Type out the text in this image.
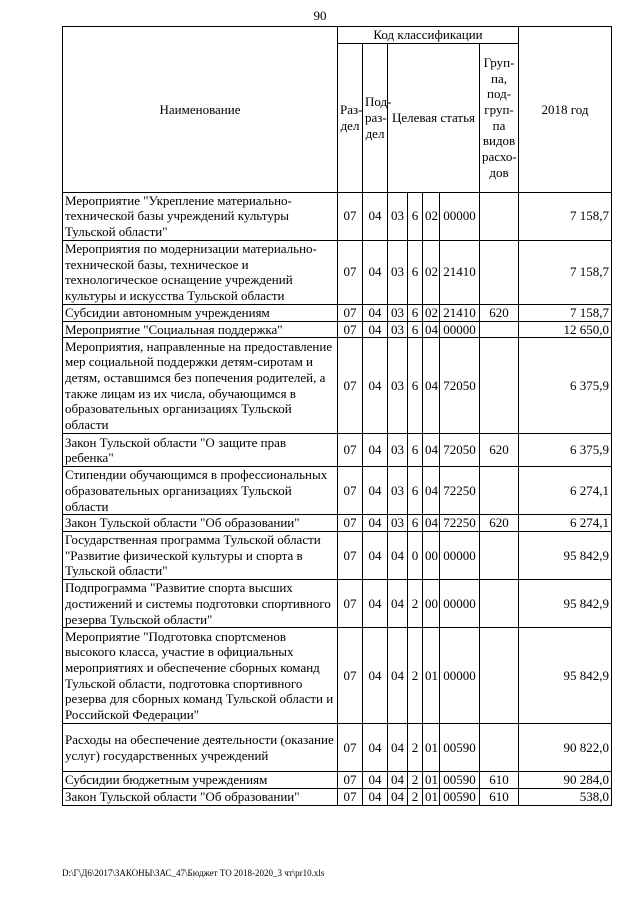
90
Наименование	Код классификации							2018 год
	Раз-дел	Под-раз-дел	Целевая статья				Груп-па, под-груп-па видов расхо-дов	
Мероприятие "Укрепление материально-технической базы учреждений культуры Тульской области"	07	04	03	6	02	00000		7 158,7
Мероприятия по модернизации материально-технической базы, техническое и технологическое оснащение учреждений культуры и искусства Тульской области	07	04	03	6	02	21410		7 158,7
Субсидии автономным учреждениям	07	04	03	6	02	21410	620	7 158,7
Мероприятие "Социальная поддержка"	07	04	03	6	04	00000		12 650,0
Мероприятия, направленные на предоставление мер социальной поддержки детям-сиротам и детям, оставшимся без попечения родителей, а также лицам из их числа, обучающимся в образовательных организациях Тульской области	07	04	03	6	04	72050		6 375,9
Закон Тульской области "О защите прав ребенка"	07	04	03	6	04	72050	620	6 375,9
Стипендии обучающимся в профессиональных образовательных организациях Тульской области	07	04	03	6	04	72250		6 274,1
Закон Тульской области "Об образовании"	07	04	03	6	04	72250	620	6 274,1
Государственная программа Тульской области "Развитие физической культуры и спорта в Тульской области"	07	04	04	0	00	00000		95 842,9
Подпрограмма "Развитие спорта высших достижений и системы подготовки спортивного резерва Тульской области"	07	04	04	2	00	00000		95 842,9
Мероприятие "Подготовка спортсменов высокого класса, участие в официальных мероприятиях и обеспечение сборных команд Тульской области, подготовка спортивного резерва для сборных команд Тульской области и Российской Федерации"	07	04	04	2	01	00000		95 842,9
Расходы на обеспечение деятельности (оказание услуг) государственных учреждений	07	04	04	2	01	00590		90 822,0
Субсидии бюджетным учреждениям	07	04	04	2	01	00590	610	90 284,0
Закон Тульской области "Об образовании"	07	04	04	2	01	00590	610	538,0
D:\Г\Д6\2017\ЗАКОНЫ\ЗАС_47\Бюджет ТО 2018-2020_3 чт\pr10.xls
